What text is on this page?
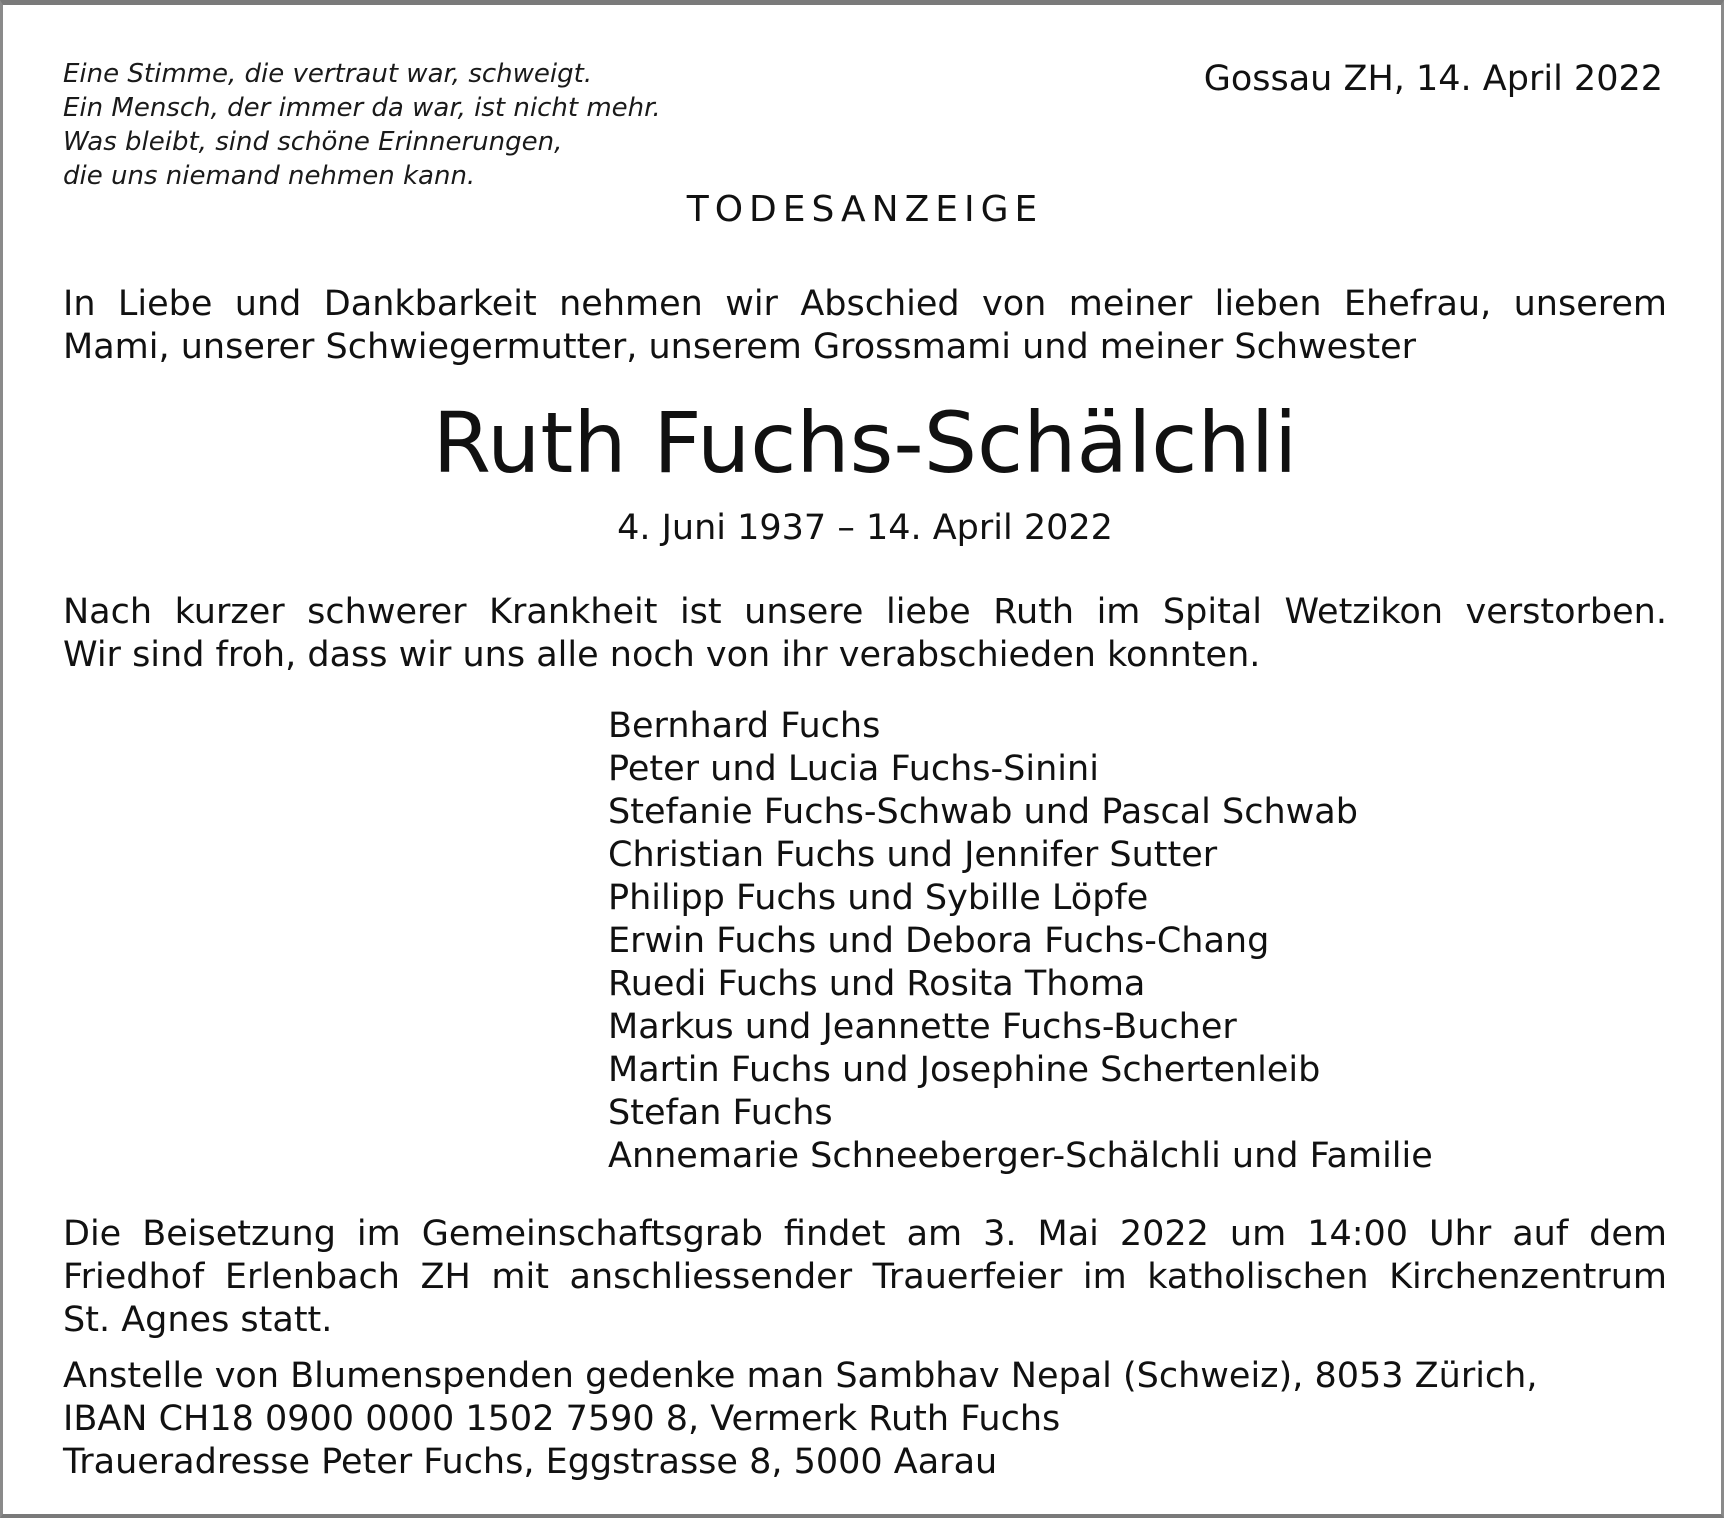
Eine Stimme, die vertraut war, schweigt.
Ein Mensch, der immer da war, ist nicht mehr.
Was bleibt, sind schöne Erinnerungen,
die uns niemand nehmen kann.
Gossau ZH, 14. April 2022
TODESANZEIGE
In Liebe und Dankbarkeit nehmen wir Abschied von meiner lieben Ehefrau, unserem
Mami, unserer Schwiegermutter, unserem Grossmami und meiner Schwester
Ruth Fuchs-Schälchli
4. Juni 1937 – 14. April 2022
Nach kurzer schwerer Krankheit ist unsere liebe Ruth im Spital Wetzikon verstorben.
Wir sind froh, dass wir uns alle noch von ihr verabschieden konnten.
Bernhard Fuchs
Peter und Lucia Fuchs-Sinini
Stefanie Fuchs-Schwab und Pascal Schwab
Christian Fuchs und Jennifer Sutter
Philipp Fuchs und Sybille Löpfe
Erwin Fuchs und Debora Fuchs-Chang
Ruedi Fuchs und Rosita Thoma
Markus und Jeannette Fuchs-Bucher
Martin Fuchs und Josephine Schertenleib
Stefan Fuchs
Annemarie Schneeberger-Schälchli und Familie
Die Beisetzung im Gemeinschaftsgrab findet am 3. Mai 2022 um 14:00 Uhr auf dem
Friedhof Erlenbach ZH mit anschliessender Trauerfeier im katholischen Kirchenzentrum
St. Agnes statt.
Anstelle von Blumenspenden gedenke man Sambhav Nepal (Schweiz), 8053 Zürich,
IBAN CH18 0900 0000 1502 7590 8, Vermerk Ruth Fuchs
Traueradresse Peter Fuchs, Eggstrasse 8, 5000 Aarau
